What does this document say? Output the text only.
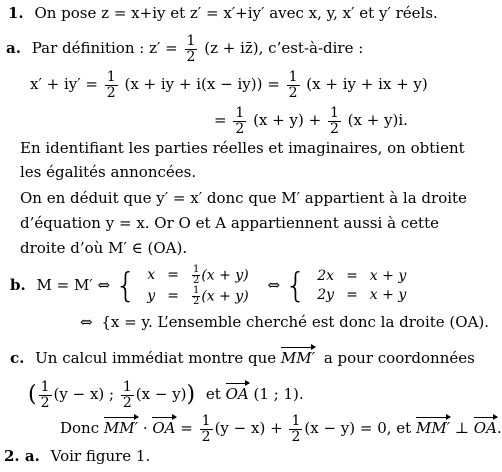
1. On pose z = x+iy et z′ = x′+iy′ avec x, y, x′ et y′ réels.
a. Par définition : $z' = \frac{1}{2} (z$ + iz̄), c’est-à-dire :
$x' + iy' = \frac{1}{2} (x$ + iy + $i(x - iy)) = \frac{1}{2} (x$ + iy + ix + y)
= $\frac{1}{2} (x + y) + \frac{1}{2} (x + y)i$.
En identifiant les parties réelles et imaginaires, on obtient
les égalités annoncées.
On en déduit que y′ = x′ donc que M′ appartient à la droite
d’équation y = x. Or O et A appartiennent aussi à cette
droite d’où M′ ∈ (OA).
b. M = M′ ⇔ { x	=	$\frac{1}{2} (x + y)$
y	=	$\frac{1}{2} (x + y)$
⇔ { 2x	=	x + y
2y	=	x + y
⇔ {x = y. L’ensemble cherché est donc la droite (OA).
c. Un calcul immédiat montre que MM′ a pour coordonnées
( $\frac{1}{2} (y - x)$ ; $\frac{1}{2} (x - y)$) et OA (1 ; 1).
Donc MM′ · OA = $\frac{1}{2} (y - x) + \frac{1}{2} (x - y) = 0$, et MM′ ⊥ OA
.
2. a. Voir figure 1.
